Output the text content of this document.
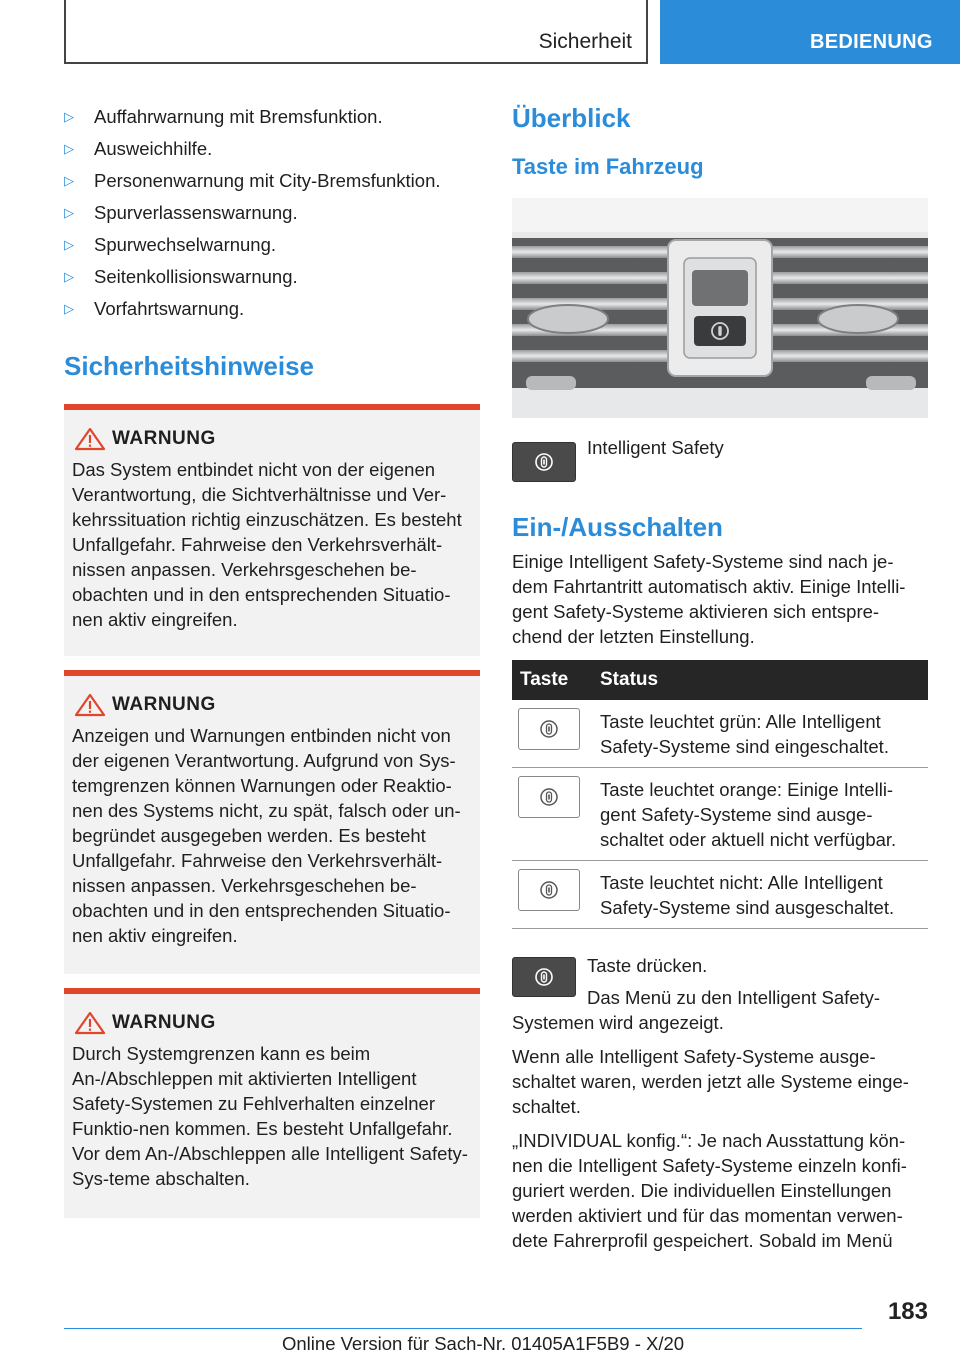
Sicherheit	BEDIENUNG
▷ Auffahrwarnung mit Bremsfunktion.
▷ Ausweichhilfe.
▷ Personenwarnung mit City-Bremsfunktion.
▷ Spurverlassenswarnung.
▷ Spurwechselwarnung.
▷ Seitenkollisionswarnung.
▷ Vorfahrtswarnung.
Sicherheitshinweise
WARNUNG

Das System entbindet nicht von der eigenen Verantwortung, die Sichtverhältnisse und Ver-kehrssituation richtig einzuschätzen. Es besteht Unfallgefahr. Fahrweise den Verkehrsverhält-nissen anpassen. Verkehrsgeschehen be-obachten und in den entsprechenden Situatio-nen aktiv eingreifen.

WARNUNG

Anzeigen und Warnungen entbinden nicht von der eigenen Verantwortung. Aufgrund von Sys-temgrenzen können Warnungen oder Reaktio-nen des Systems nicht, zu spät, falsch oder un-begründet ausgegeben werden. Es besteht Unfallgefahr. Fahrweise den Verkehrsverhält-nissen anpassen. Verkehrsgeschehen be-obachten und in den entsprechenden Situatio-nen aktiv eingreifen.

WARNUNG

Durch Systemgrenzen kann es beim An-/Abschleppen mit aktivierten Intelligent Safety-Systemen zu Fehlverhalten einzelner Funktio-nen kommen. Es besteht Unfallgefahr. Vor dem An-/Abschleppen alle Intelligent Safety-Sys-teme abschalten.

Überblick
Taste im Fahrzeug
Intelligent Safety
Ein-/Ausschalten

Einige Intelligent Safety-Systeme sind nach je-dem Fahrtantritt automatisch aktiv. Einige Intelli-gent Safety-Systeme aktivieren sich entspre-chend der letzten Einstellung.

Taste	Status

	Taste leuchtet grün: Alle Intelligent Safety-Systeme sind eingeschaltet.

	Taste leuchtet orange: Einige Intelli-gent Safety-Systeme sind ausge-schaltet oder aktuell nicht verfügbar.

	Taste leuchtet nicht: Alle Intelligent Safety-Systeme sind ausgeschaltet.

Taste drücken.

Das Menü zu den Intelligent Safety-Systemen wird angezeigt.

Wenn alle Intelligent Safety-Systeme ausge-schaltet waren, werden jetzt alle Systeme einge-schaltet.

„INDIVIDUAL konfig.“: Je nach Ausstattung kön-nen die Intelligent Safety-Systeme einzeln konfi-guriert werden. Die individuellen Einstellungen werden aktiviert und für das momentan verwen-dete Fahrerprofil gespeichert. Sobald im Menü

183
Online Version für Sach-Nr. 01405A1F5B9 - X/20
